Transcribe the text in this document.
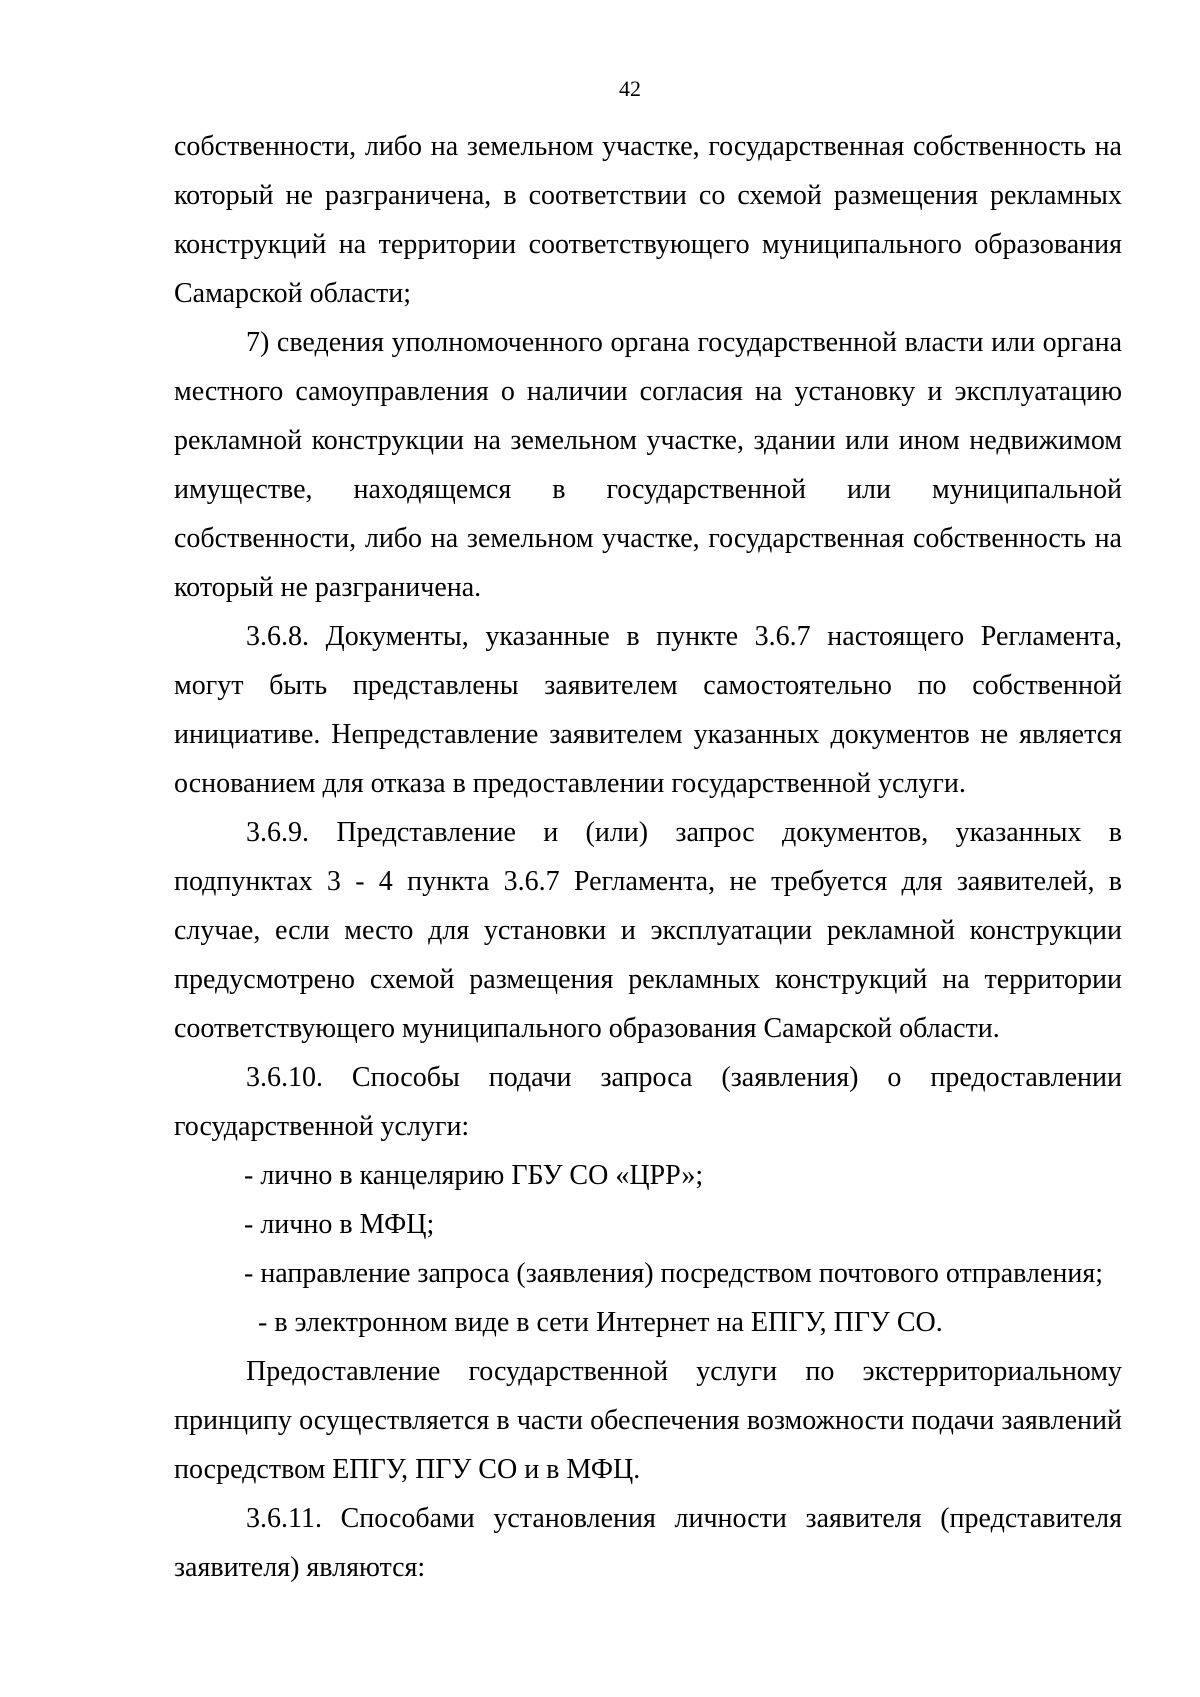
42

собственности, либо на земельном участке, государственная собственность на который не разграничена, в соответствии со схемой размещения рекламных конструкций на территории соответствующего муниципального образования Самарской области;

7) сведения уполномоченного органа государственной власти или органа местного самоуправления о наличии согласия на установку и эксплуатацию рекламной конструкции на земельном участке, здании или ином недвижимом имуществе, находящемся в государственной или муниципальной собственности, либо на земельном участке, государственная собственность на который не разграничена.

3.6.8. Документы, указанные в пункте 3.6.7 настоящего Регламента, могут быть представлены заявителем самостоятельно по собственной инициативе. Непредставление заявителем указанных документов не является основанием для отказа в предоставлении государственной услуги.

3.6.9. Представление и (или) запрос документов, указанных в подпунктах 3 - 4 пункта 3.6.7 Регламента, не требуется для заявителей, в случае, если место для установки и эксплуатации рекламной конструкции предусмотрено схемой размещения рекламных конструкций на территории соответствующего муниципального образования Самарской области.

3.6.10. Способы подачи запроса (заявления) о предоставлении государственной услуги:

- лично в канцелярию ГБУ СО «ЦРР»;

- лично в МФЦ;

- направление запроса (заявления) посредством почтового отправления;

- в электронном виде в сети Интернет на ЕПГУ, ПГУ СО.

Предоставление государственной услуги по экстерриториальному принципу осуществляется в части обеспечения возможности подачи заявлений посредством ЕПГУ, ПГУ СО и в МФЦ.

3.6.11. Способами установления личности заявителя (представителя заявителя) являются:
